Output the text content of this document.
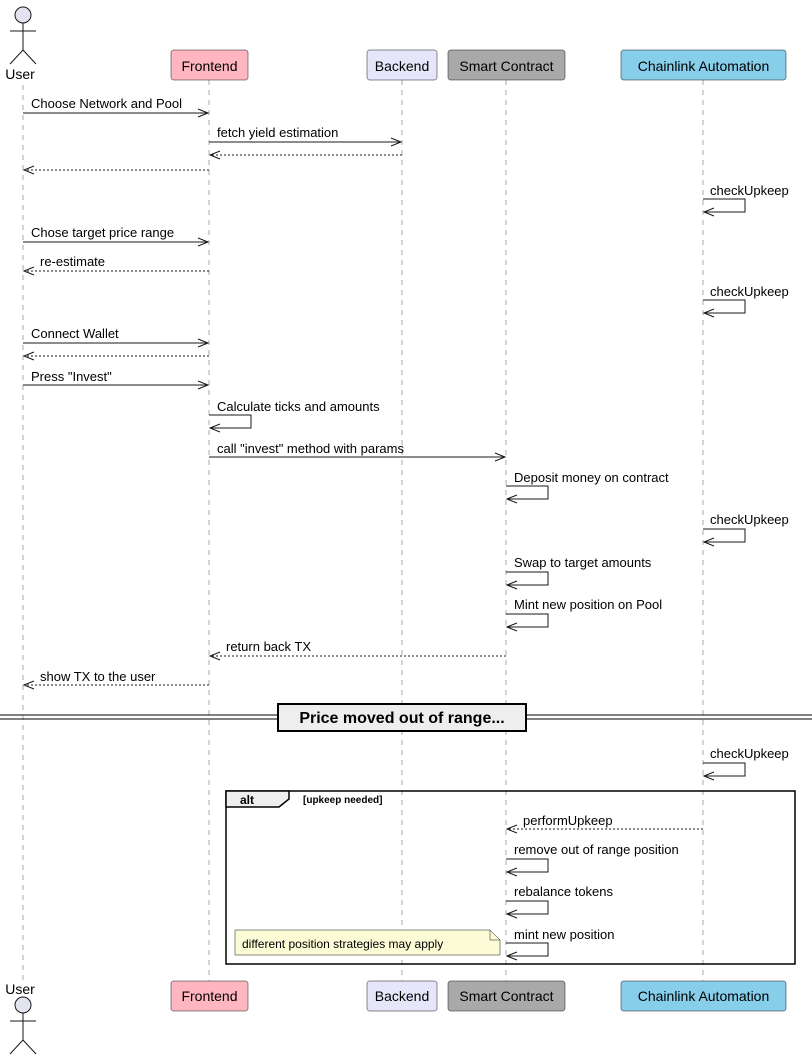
User	Frontend	Backend Smart Contract	Chainlink Automation
Choose Network and Pool
fetch yield estimation
checkUpkeep
Chose target price range
re-estimate
checkUpkeep
Connect Wallet
Press "Invest"
Calculate ticks and amounts
call "invest" method with params
Deposit money on contract
checkUpkeep
Swap to target amounts
Mint new position on Pool
return back TX
show TX to the user
Price moved out of range...
checkUpkeep
alt	[upkeep needed]
performUpkeep
remove out of range position
rebalance tokens
mint new position
different position strategies may apply
User	Frontend	Backend Smart Contract	Chainlink Automation
